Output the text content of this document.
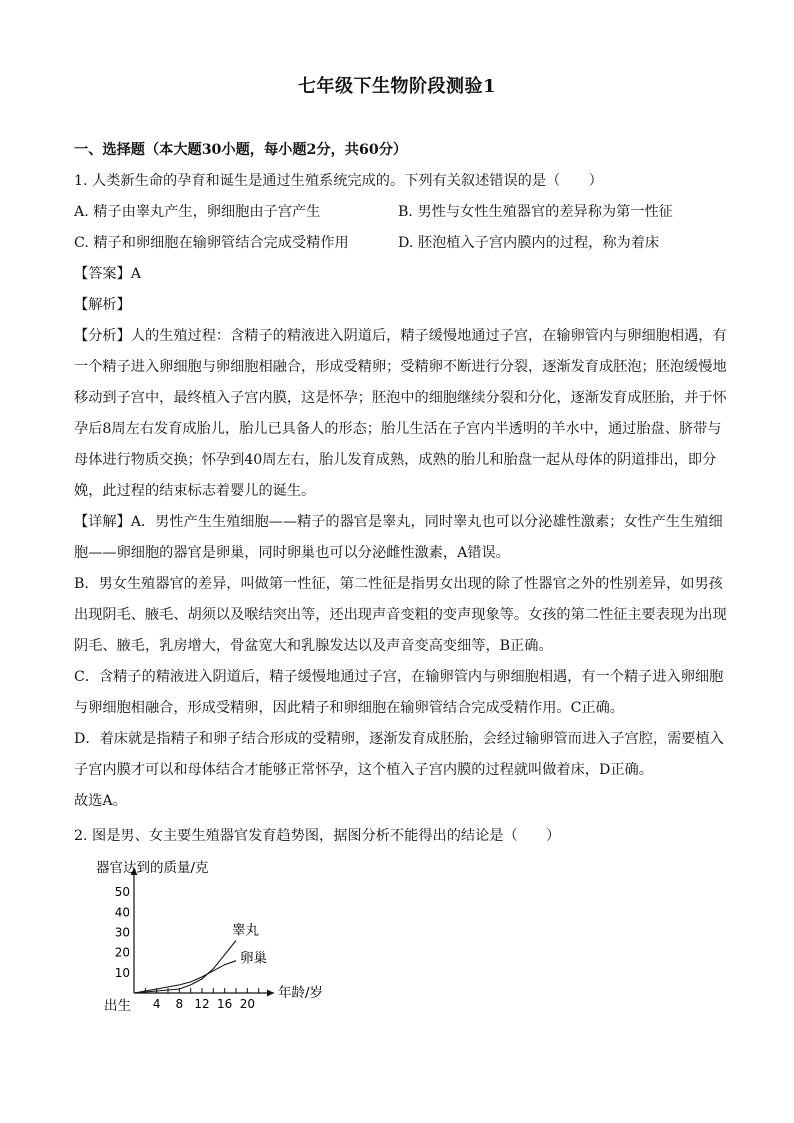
七年级下生物阶段测验1
一、选择题（本大题30小题，每小题2分，共60分）
1. 人类新生命的孕育和诞生是通过生殖系统完成的。下列有关叙述错误的是（　　）
A. 精子由睾丸产生，卵细胞由子宫产生	B. 男性与女性生殖器官的差异称为第一性征
C. 精子和卵细胞在输卵管结合完成受精作用	D. 胚泡植入子宫内膜内的过程，称为着床
【答案】A
【解析】
【分析】人的生殖过程：含精子的精液进入阴道后，精子缓慢地通过子宫，在输卵管内与卵细胞相遇，有
一个精子进入卵细胞与卵细胞相融合，形成受精卵；受精卵不断进行分裂，逐渐发育成胚泡；胚泡缓慢地
移动到子宫中，最终植入子宫内膜，这是怀孕；胚泡中的细胞继续分裂和分化，逐渐发育成胚胎，并于怀
孕后8周左右发育成胎儿，胎儿已具备人的形态；胎儿生活在子宫内半透明的羊水中，通过胎盘、脐带与
母体进行物质交换；怀孕到40周左右，胎儿发育成熟，成熟的胎儿和胎盘一起从母体的阴道排出，即分
娩，此过程的结束标志着婴儿的诞生。
【详解】A．男性产生生殖细胞——精子的器官是睾丸，同时睾丸也可以分泌雄性激素；女性产生生殖细
胞——卵细胞的器官是卵巢，同时卵巢也可以分泌雌性激素，A错误。
B．男女生殖器官的差异，叫做第一性征，第二性征是指男女出现的除了性器官之外的性别差异，如男孩
出现阴毛、腋毛、胡须以及喉结突出等，还出现声音变粗的变声现象等。女孩的第二性征主要表现为出现
阴毛、腋毛，乳房增大，骨盆宽大和乳腺发达以及声音变高变细等，B正确。
C．含精子的精液进入阴道后，精子缓慢地通过子宫，在输卵管内与卵细胞相遇，有一个精子进入卵细胞
与卵细胞相融合，形成受精卵，因此精子和卵细胞在输卵管结合完成受精作用。C正确。
D．着床就是指精子和卵子结合形成的受精卵，逐渐发育成胚胎，会经过输卵管而进入子宫腔，需要植入
子宫内膜才可以和母体结合才能够正常怀孕，这个植入子宫内膜的过程就叫做着床，D正确。
故选A。
2. 图是男、女主要生殖器官发育趋势图，据图分析不能得出的结论是（　　）
器官达到的质量/克
年龄/岁
出生
10
20
30
40
50
4 8 12 16 20
睾丸
卵巢
